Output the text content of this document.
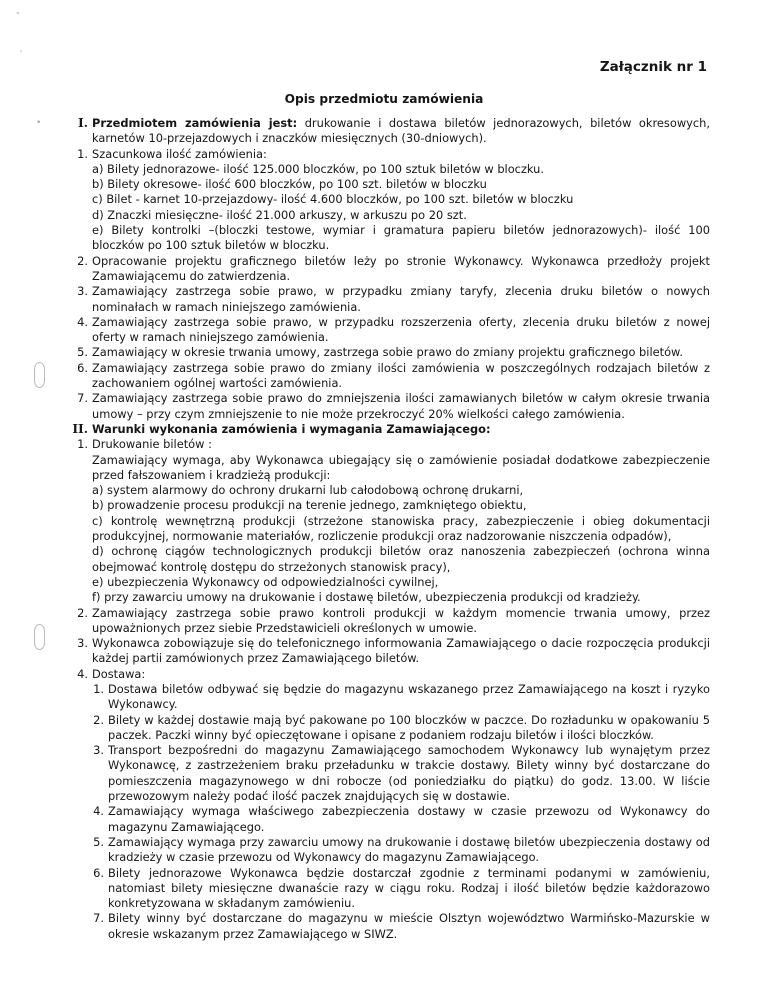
"
'
•
Załącznik nr 1
Opis przedmiotu zamówienia
I. Przedmiotem zamówienia jest: drukowanie i dostawa biletów jednorazowych, biletów okresowych, karnetów 10-przejazdowych i znaczków miesięcznych (30-dniowych).
1. Szacunkowa ilość zamówienia:
a) Bilety jednorazowe- ilość 125.000 bloczków, po 100 sztuk biletów w bloczku.
b) Bilety okresowe- ilość 600 bloczków, po 100 szt. biletów w bloczku
c) Bilet - karnet 10-przejazdowy- ilość 4.600 bloczków, po 100 szt. biletów w bloczku
d) Znaczki miesięczne- ilość 21.000 arkuszy, w arkuszu po 20 szt.
e) Bilety kontrolki –(bloczki testowe, wymiar i gramatura papieru biletów jednorazowych)- ilość 100 bloczków po 100 sztuk biletów w bloczku.
2. Opracowanie projektu graficznego biletów leży po stronie Wykonawcy. Wykonawca przedłoży projekt Zamawiającemu do zatwierdzenia.
3. Zamawiający zastrzega sobie prawo, w przypadku zmiany taryfy, zlecenia druku biletów o nowych nominałach w ramach niniejszego zamówienia.
4. Zamawiający zastrzega sobie prawo, w przypadku rozszerzenia oferty, zlecenia druku biletów z nowej oferty w ramach niniejszego zamówienia.
5. Zamawiający w okresie trwania umowy, zastrzega sobie prawo do zmiany projektu graficznego biletów.
6. Zamawiający zastrzega sobie prawo do zmiany ilości zamówienia w poszczególnych rodzajach biletów z zachowaniem ogólnej wartości zamówienia.
7. Zamawiający zastrzega sobie prawo do zmniejszenia ilości zamawianych biletów w całym okresie trwania umowy – przy czym zmniejszenie to nie może przekroczyć 20% wielkości całego zamówienia.
II. Warunki wykonania zamówienia i wymagania Zamawiającego:
1. Drukowanie biletów :
Zamawiający wymaga, aby Wykonawca ubiegający się o zamówienie posiadał dodatkowe zabezpieczenie przed fałszowaniem i kradzieżą produkcji:
a) system alarmowy do ochrony drukarni lub całodobową ochronę drukarni,
b) prowadzenie procesu produkcji na terenie jednego, zamkniętego obiektu,
c) kontrolę wewnętrzną produkcji (strzeżone stanowiska pracy, zabezpieczenie i obieg dokumentacji produkcyjnej, normowanie materiałów, rozliczenie produkcji oraz nadzorowanie niszczenia odpadów),
d) ochronę ciągów technologicznych produkcji biletów oraz nanoszenia zabezpieczeń (ochrona winna obejmować kontrolę dostępu do strzeżonych stanowisk pracy),
e) ubezpieczenia Wykonawcy od odpowiedzialności cywilnej,
f) przy zawarciu umowy na drukowanie i dostawę biletów, ubezpieczenia produkcji od kradzieży.
2. Zamawiający zastrzega sobie prawo kontroli produkcji w każdym momencie trwania umowy, przez upoważnionych przez siebie Przedstawicieli określonych w umowie.
3. Wykonawca zobowiązuje się do telefonicznego informowania Zamawiającego o dacie rozpoczęcia produkcji każdej partii zamówionych przez Zamawiającego biletów.
4. Dostawa:
1. Dostawa biletów odbywać się będzie do magazynu wskazanego przez Zamawiającego na koszt i ryzyko Wykonawcy.
2. Bilety w każdej dostawie mają być pakowane po 100 bloczków w paczce. Do rozładunku w opakowaniu 5 paczek. Paczki winny być opieczętowane i opisane z podaniem rodzaju biletów i ilości bloczków.
3. Transport bezpośredni do magazynu Zamawiającego samochodem Wykonawcy lub wynajętym przez Wykonawcę, z zastrzeżeniem braku przeładunku w trakcie dostawy. Bilety winny być dostarczane do pomieszczenia magazynowego w dni robocze (od poniedziałku do piątku) do godz. 13.00. W liście przewozowym należy podać ilość paczek znajdujących się w dostawie.
4. Zamawiający wymaga właściwego zabezpieczenia dostawy w czasie przewozu od Wykonawcy do magazynu Zamawiającego.
5. Zamawiający wymaga przy zawarciu umowy na drukowanie i dostawę biletów ubezpieczenia dostawy od kradzieży w czasie przewozu od Wykonawcy do magazynu Zamawiającego.
6. Bilety jednorazowe Wykonawca będzie dostarczał zgodnie z terminami podanymi w zamówieniu, natomiast bilety miesięczne dwanaście razy w ciągu roku. Rodzaj i ilość biletów będzie każdorazowo konkretyzowana w składanym zamówieniu.
7. Bilety winny być dostarczane do magazynu w mieście Olsztyn województwo Warmińsko-Mazurskie w okresie wskazanym przez Zamawiającego w SIWZ.
